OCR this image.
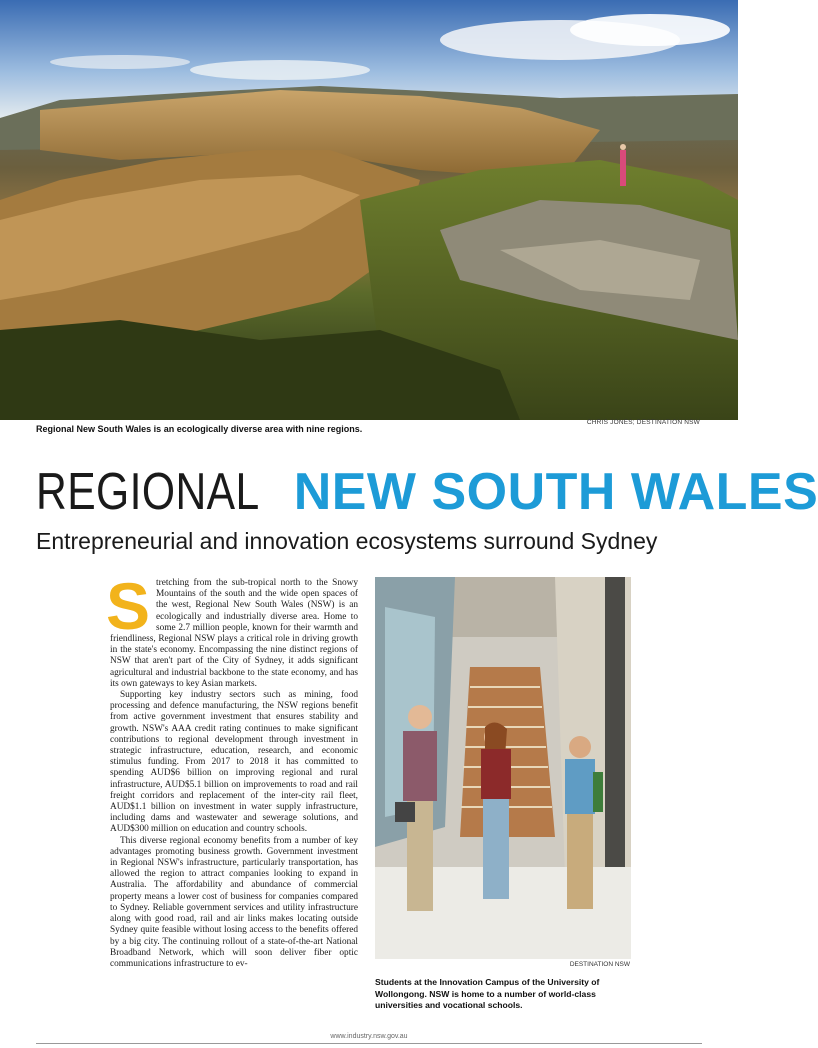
Regional New South Wales is an ecologically diverse area with nine regions.
CHRIS JONES; DESTINATION NSW
REGIONAL NEW SOUTH WALES
Entrepreneurial and innovation ecosystems surround Sydney

Stretching from the sub-tropical north to the Snowy Mountains of the south and the wide open spaces of the west, Regional New South Wales (NSW) is an ecologically and industrially diverse area. Home to some 2.7 million people, known for their warmth and friendliness, Regional NSW plays a critical role in driving growth in the state's economy. Encompassing the nine distinct regions of NSW that aren't part of the City of Sydney, it adds significant agricultural and industrial backbone to the state economy, and has its own gateways to key Asian markets.

Supporting key industry sectors such as mining, food processing and defence manufacturing, the NSW regions benefit from active government investment that ensures stability and growth. NSW's AAA credit rating continues to make significant contributions to regional development through investment in strategic infrastructure, education, research, and economic stimulus funding. From 2017 to 2018 it has committed to spending AUD$6 billion on improving regional and rural infrastructure, AUD$5.1 billion on improvements to road and rail freight corridors and replacement of the inter-city rail fleet, AUD$1.1 billion on investment in water supply infrastructure, including dams and wastewater and sewerage solutions, and AUD$300 million on education and country schools.

This diverse regional economy benefits from a number of key advantages promoting business growth. Government investment in Regional NSW's infrastructure, particularly transportation, has allowed the region to attract companies looking to expand in Australia. The affordability and abundance of commercial property means a lower cost of business for companies compared to Sydney. Reliable government services and utility infrastructure along with good road, rail and air links makes locating outside Sydney quite feasible without losing access to the benefits offered by a big city. The continuing rollout of a state-of-the-art National Broadband Network, which will soon deliver fiber optic communications infrastructure to ev-	DESTINATION NSW
Students at the Innovation Campus of the University of Wollongong. NSW is home to a number of world-class universities and vocational schools.
www.industry.nsw.gov.au
